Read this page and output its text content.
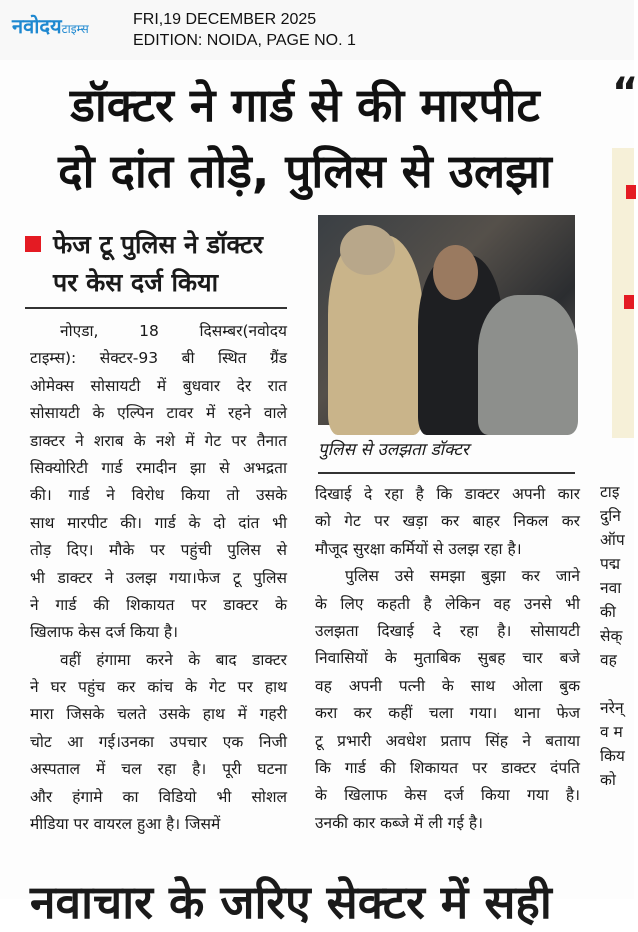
नवोदयटाइम्स
FRI,19 DECEMBER 2025
EDITION: NOIDA, PAGE NO. 1
डॉक्टर ने गार्ड से की मारपीट
दो दांत तोड़े, पुलिस से उलझा
फेज टू पुलिस ने डॉक्टर
पर केस दर्ज किया
नोएडा, 18 दिसम्बर(नवोदय
टाइम्स): सेक्टर-93 बी स्थित ग्रैंड
ओमेक्स सोसायटी में बुधवार देर रात
सोसायटी के एल्पिन टावर में रहने वाले
डाक्टर ने शराब के नशे में गेट पर तैनात
सिक्योरिटी गार्ड रमादीन झा से अभद्रता
की। गार्ड ने विरोध किया तो उसके
साथ मारपीट की। गार्ड के दो दांत भी
तोड़ दिए। मौके पर पहुंची पुलिस से
भी डाक्टर ने उलझ गया।फेज टू पुलिस
ने गार्ड की शिकायत पर डाक्टर के
खिलाफ केस दर्ज किया है।
वहीं हंगामा करने के बाद डाक्टर
ने घर पहुंच कर कांच के गेट पर हाथ
मारा जिसके चलते उसके हाथ में गहरी
चोट आ गई।उनका उपचार एक निजी
अस्पताल में चल रहा है। पूरी घटना
और हंगामे का विडियो भी सोशल
मीडिया पर वायरल हुआ है। जिसमें
पुलिस से उलझता डॉक्टर
दिखाई दे रहा है कि डाक्टर अपनी कार
को गेट पर खड़ा कर बाहर निकल कर
मौजूद सुरक्षा कर्मियों से उलझ रहा है।
पुलिस उसे समझा बुझा कर जाने
के लिए कहती है लेकिन वह उनसे भी
उलझता दिखाई दे रहा है। सोसायटी
निवासियों के मुताबिक सुबह चार बजे
वह अपनी पत्नी के साथ ओला बुक
करा कर कहीं चला गया। थाना फेज
टू प्रभारी अवधेश प्रताप सिंह ने बताया
कि गार्ड की शिकायत पर डाक्टर दंपति
के खिलाफ केस दर्ज किया गया है।
उनकी कार कब्जे में ली गई है।
“
टाइ
दुनि
ऑप
पद्म
नवा
की
सेक्
वह
नरेन्
व म
किय
को
नवाचार के जरिए सेक्टर में सही
